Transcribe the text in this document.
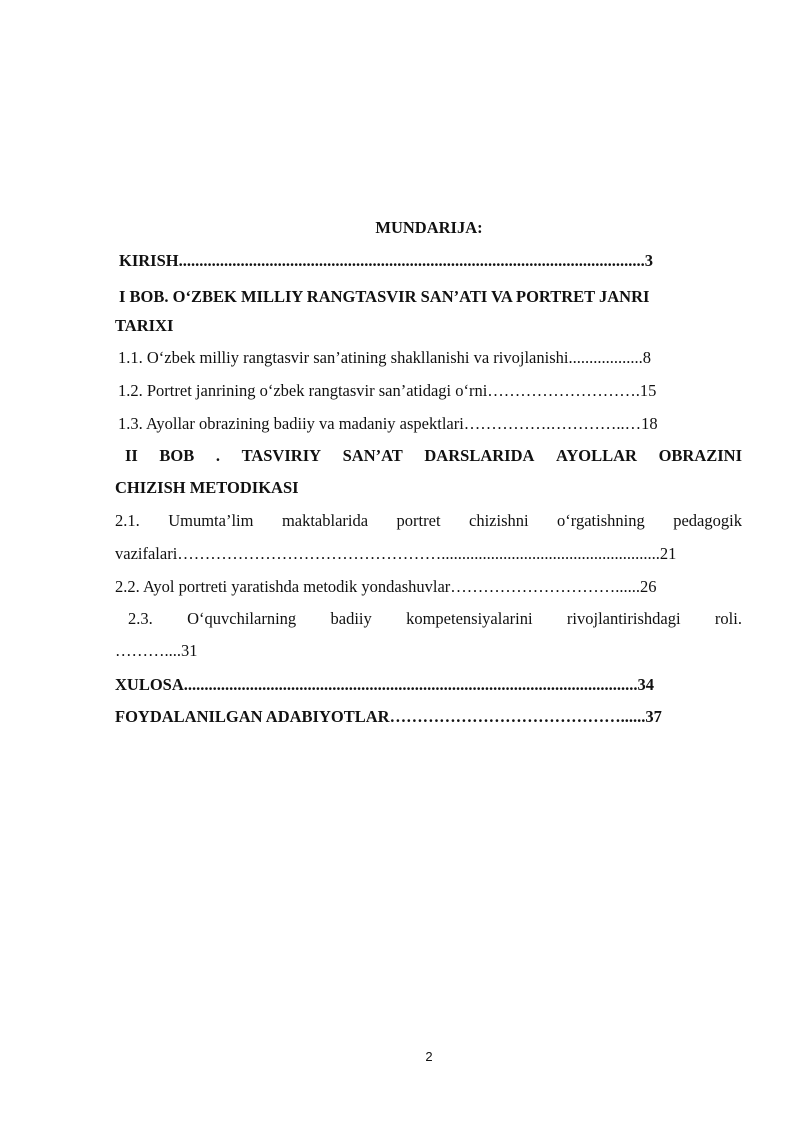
MUNDARIJA:
KIRISH.................................................................................................................3
I BOB. O‘ZBEK MILLIY RANGTASVIR SAN’ATI VA PORTRET JANRI
TARIXI
1.1. O‘zbek milliy rangtasvir san’atining shakllanishi va rivojlanishi..................8
1.2. Portret janrining o‘zbek rangtasvir san’atidagi o‘rni……………………….15
1.3. Ayollar obrazining badiiy va madaniy aspektlari…………….…………..…18
II BOB . TASVIRIY SAN’AT DARSLARIDA AYOLLAR OBRAZINI
CHIZISH METODIKASI
2.1. Umumta’lim maktablarida portret chizishni o‘rgatishning pedagogik
vazifalari………………………………………….....................................................21
2.2. Ayol portreti yaratishda metodik yondashuvlar…………………………......26
2.3. O‘quvchilarning badiiy kompetensiyalarini rivojlantirishdagi roli.
………....31
XULOSA..............................................................................................................34
FOYDALANILGAN ADABIYOTLAR……………………………………......37
2
